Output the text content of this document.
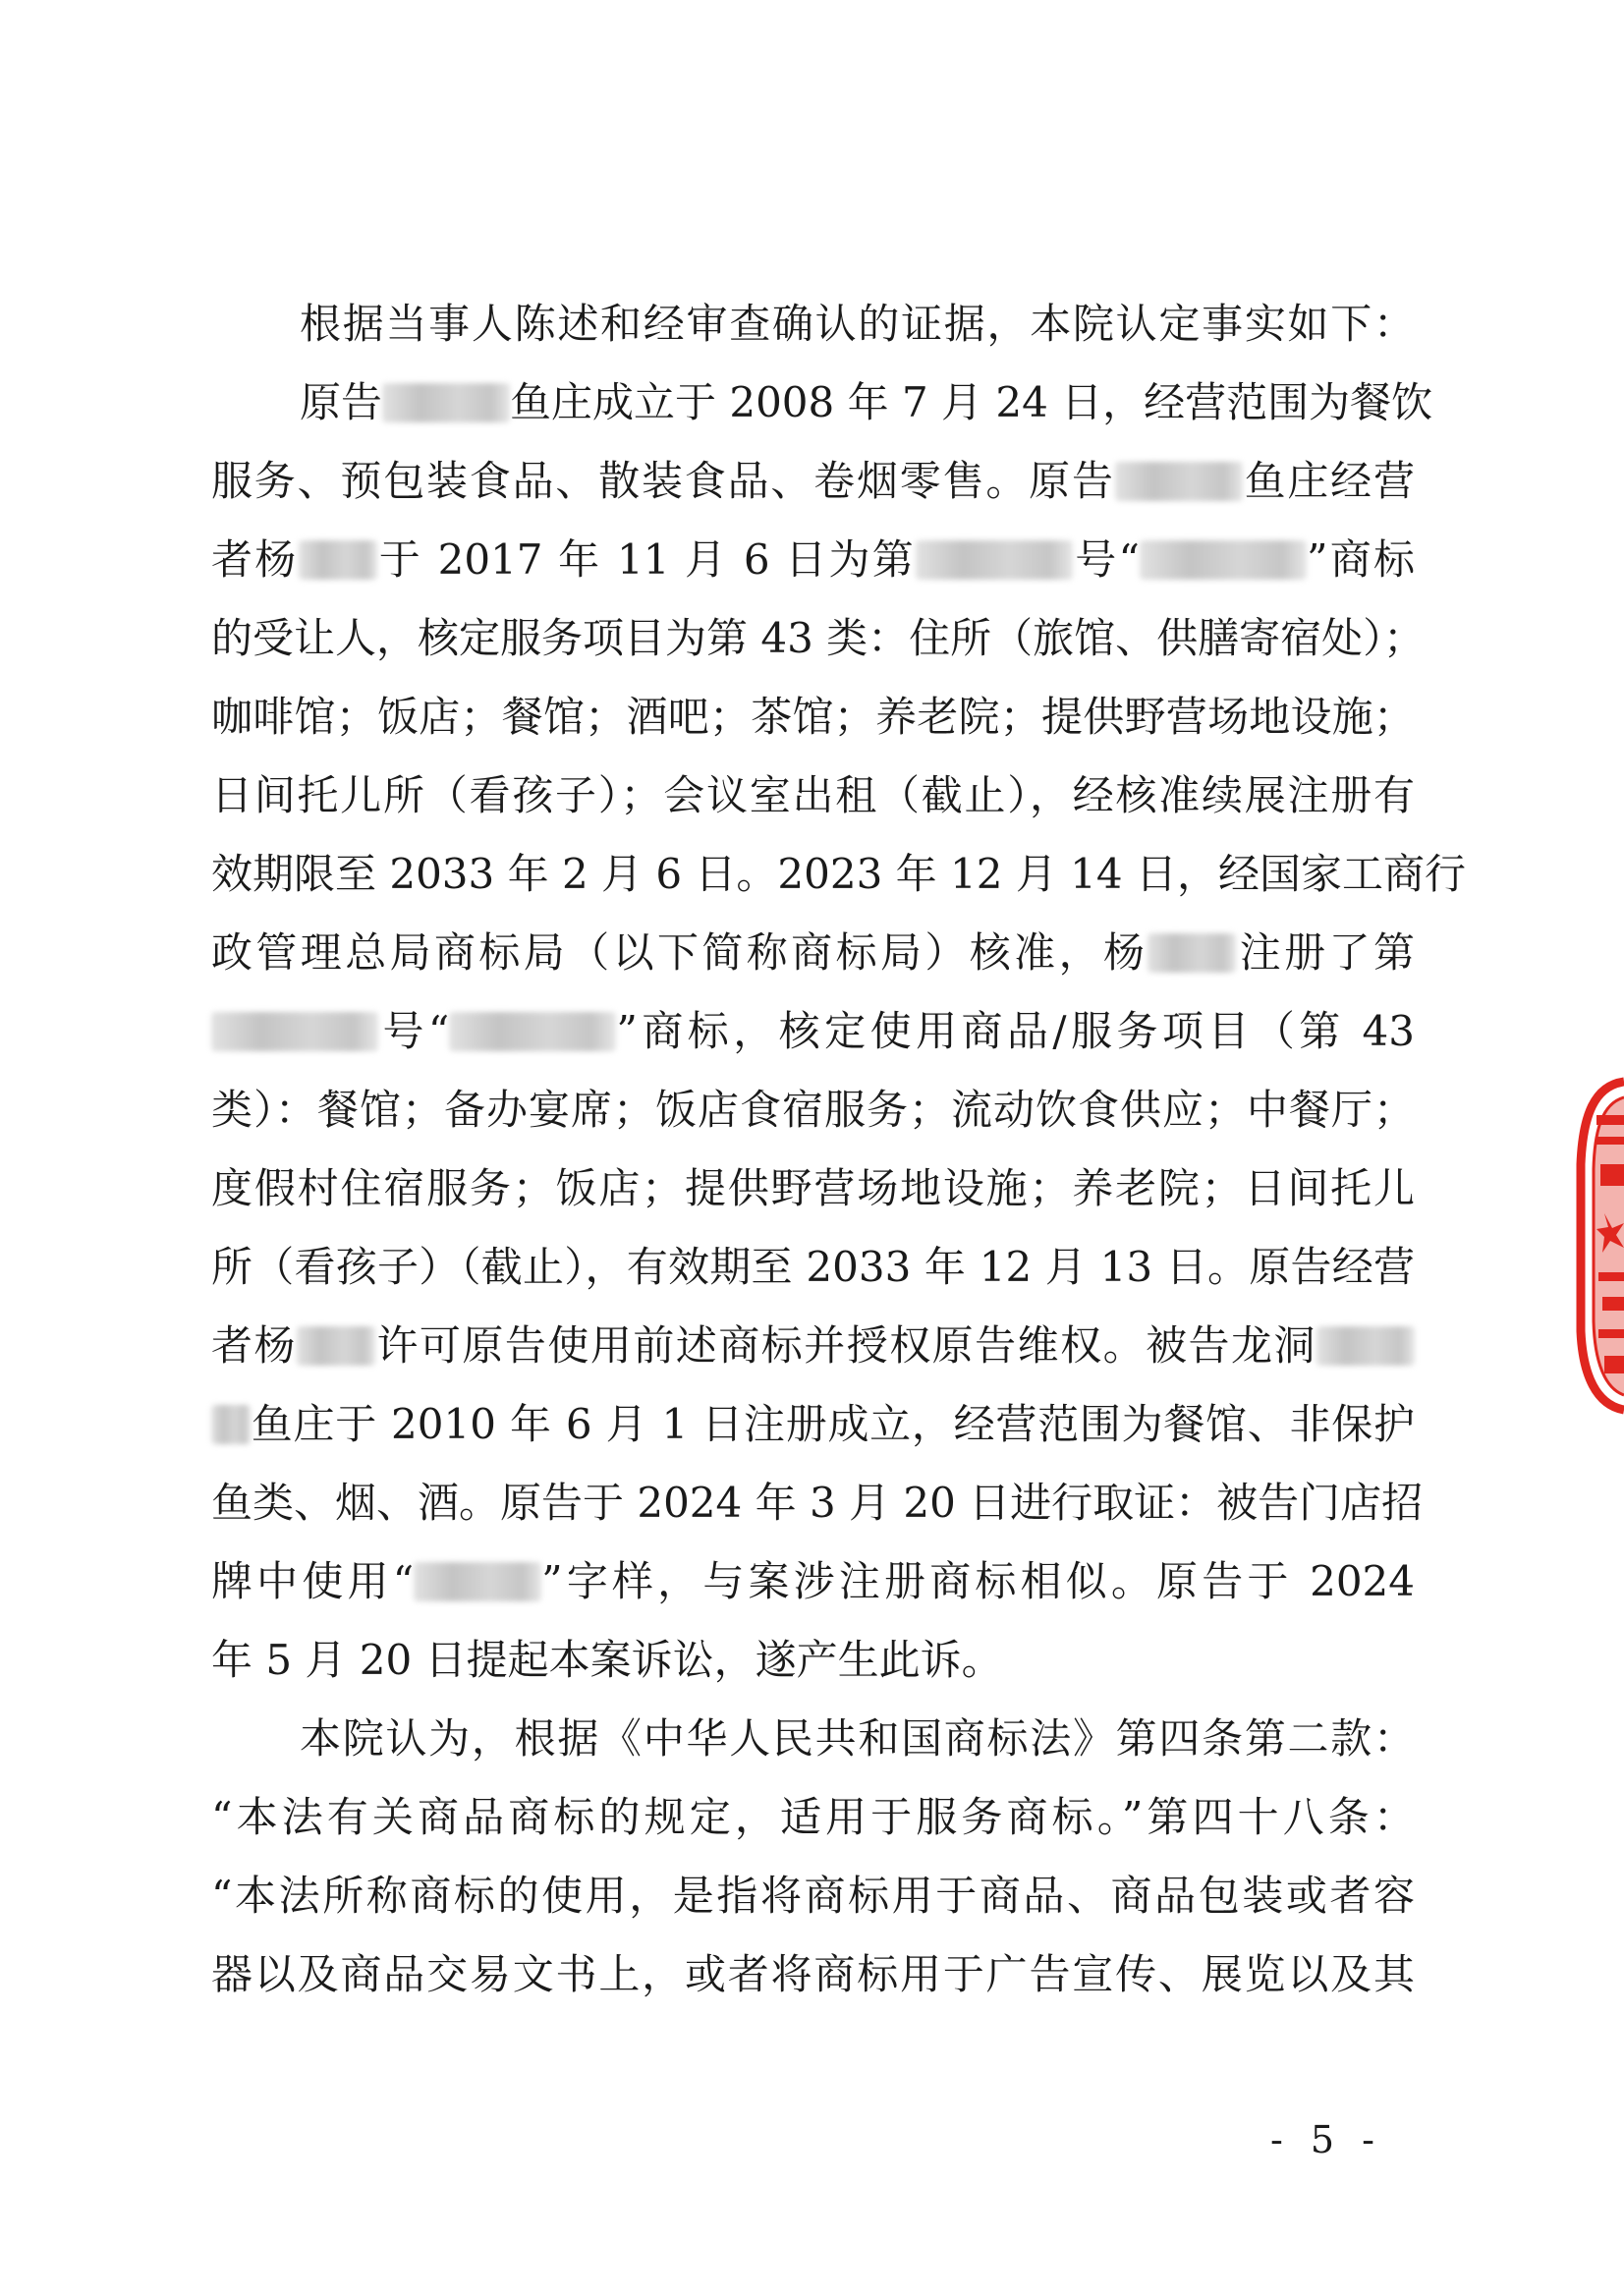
根据当事人陈述和经审查确认的证据，本院认定事实如下：
原告	鱼庄成立于 2008 年 7 月 24 日，经营范围为餐饮
服务、预包装食品、散装食品、卷烟零售。原告	鱼庄经营
者杨 于 2017 年 11 月 6 日为第	号“	”商标
的受让人，核定服务项目为第 43 类：住所（旅馆、供膳寄宿处）；
咖啡馆；饭店；餐馆；酒吧；茶馆；养老院；提供野营场地设施；
日间托儿所（看孩子）；会议室出租（截止），经核准续展注册有
效期限至 2033 年 2 月 6 日。2023 年 12 月 14 日，经国家工商行
政管理总局商标局（以下简称商标局）核准，杨 注册了第
号“	”商标，核定使用商品/服务项目（第 43
类）：餐馆；备办宴席；饭店食宿服务；流动饮食供应；中餐厅；
度假村住宿服务；饭店；提供野营场地设施；养老院；日间托儿
所（看孩子）（截止），有效期至 2033 年 12 月 13 日。原告经营
者杨 许可原告使用前述商标并授权原告维权。被告龙洞
鱼庄于 2010 年 6 月 1 日注册成立，经营范围为餐馆、非保护
鱼类、烟、酒。原告于 2024 年 3 月 20 日进行取证：被告门店招
牌中使用“	”字样，与案涉注册商标相似。原告于 2024
年 5 月 20 日提起本案诉讼，遂产生此诉。
本院认为，根据《中华人民共和国商标法》第四条第二款：
“本法有关商品商标的规定，适用于服务商标。”第四十八条：
“本法所称商标的使用，是指将商标用于商品、商品包装或者容
器以及商品交易文书上，或者将商标用于广告宣传、展览以及其
- 5 -
